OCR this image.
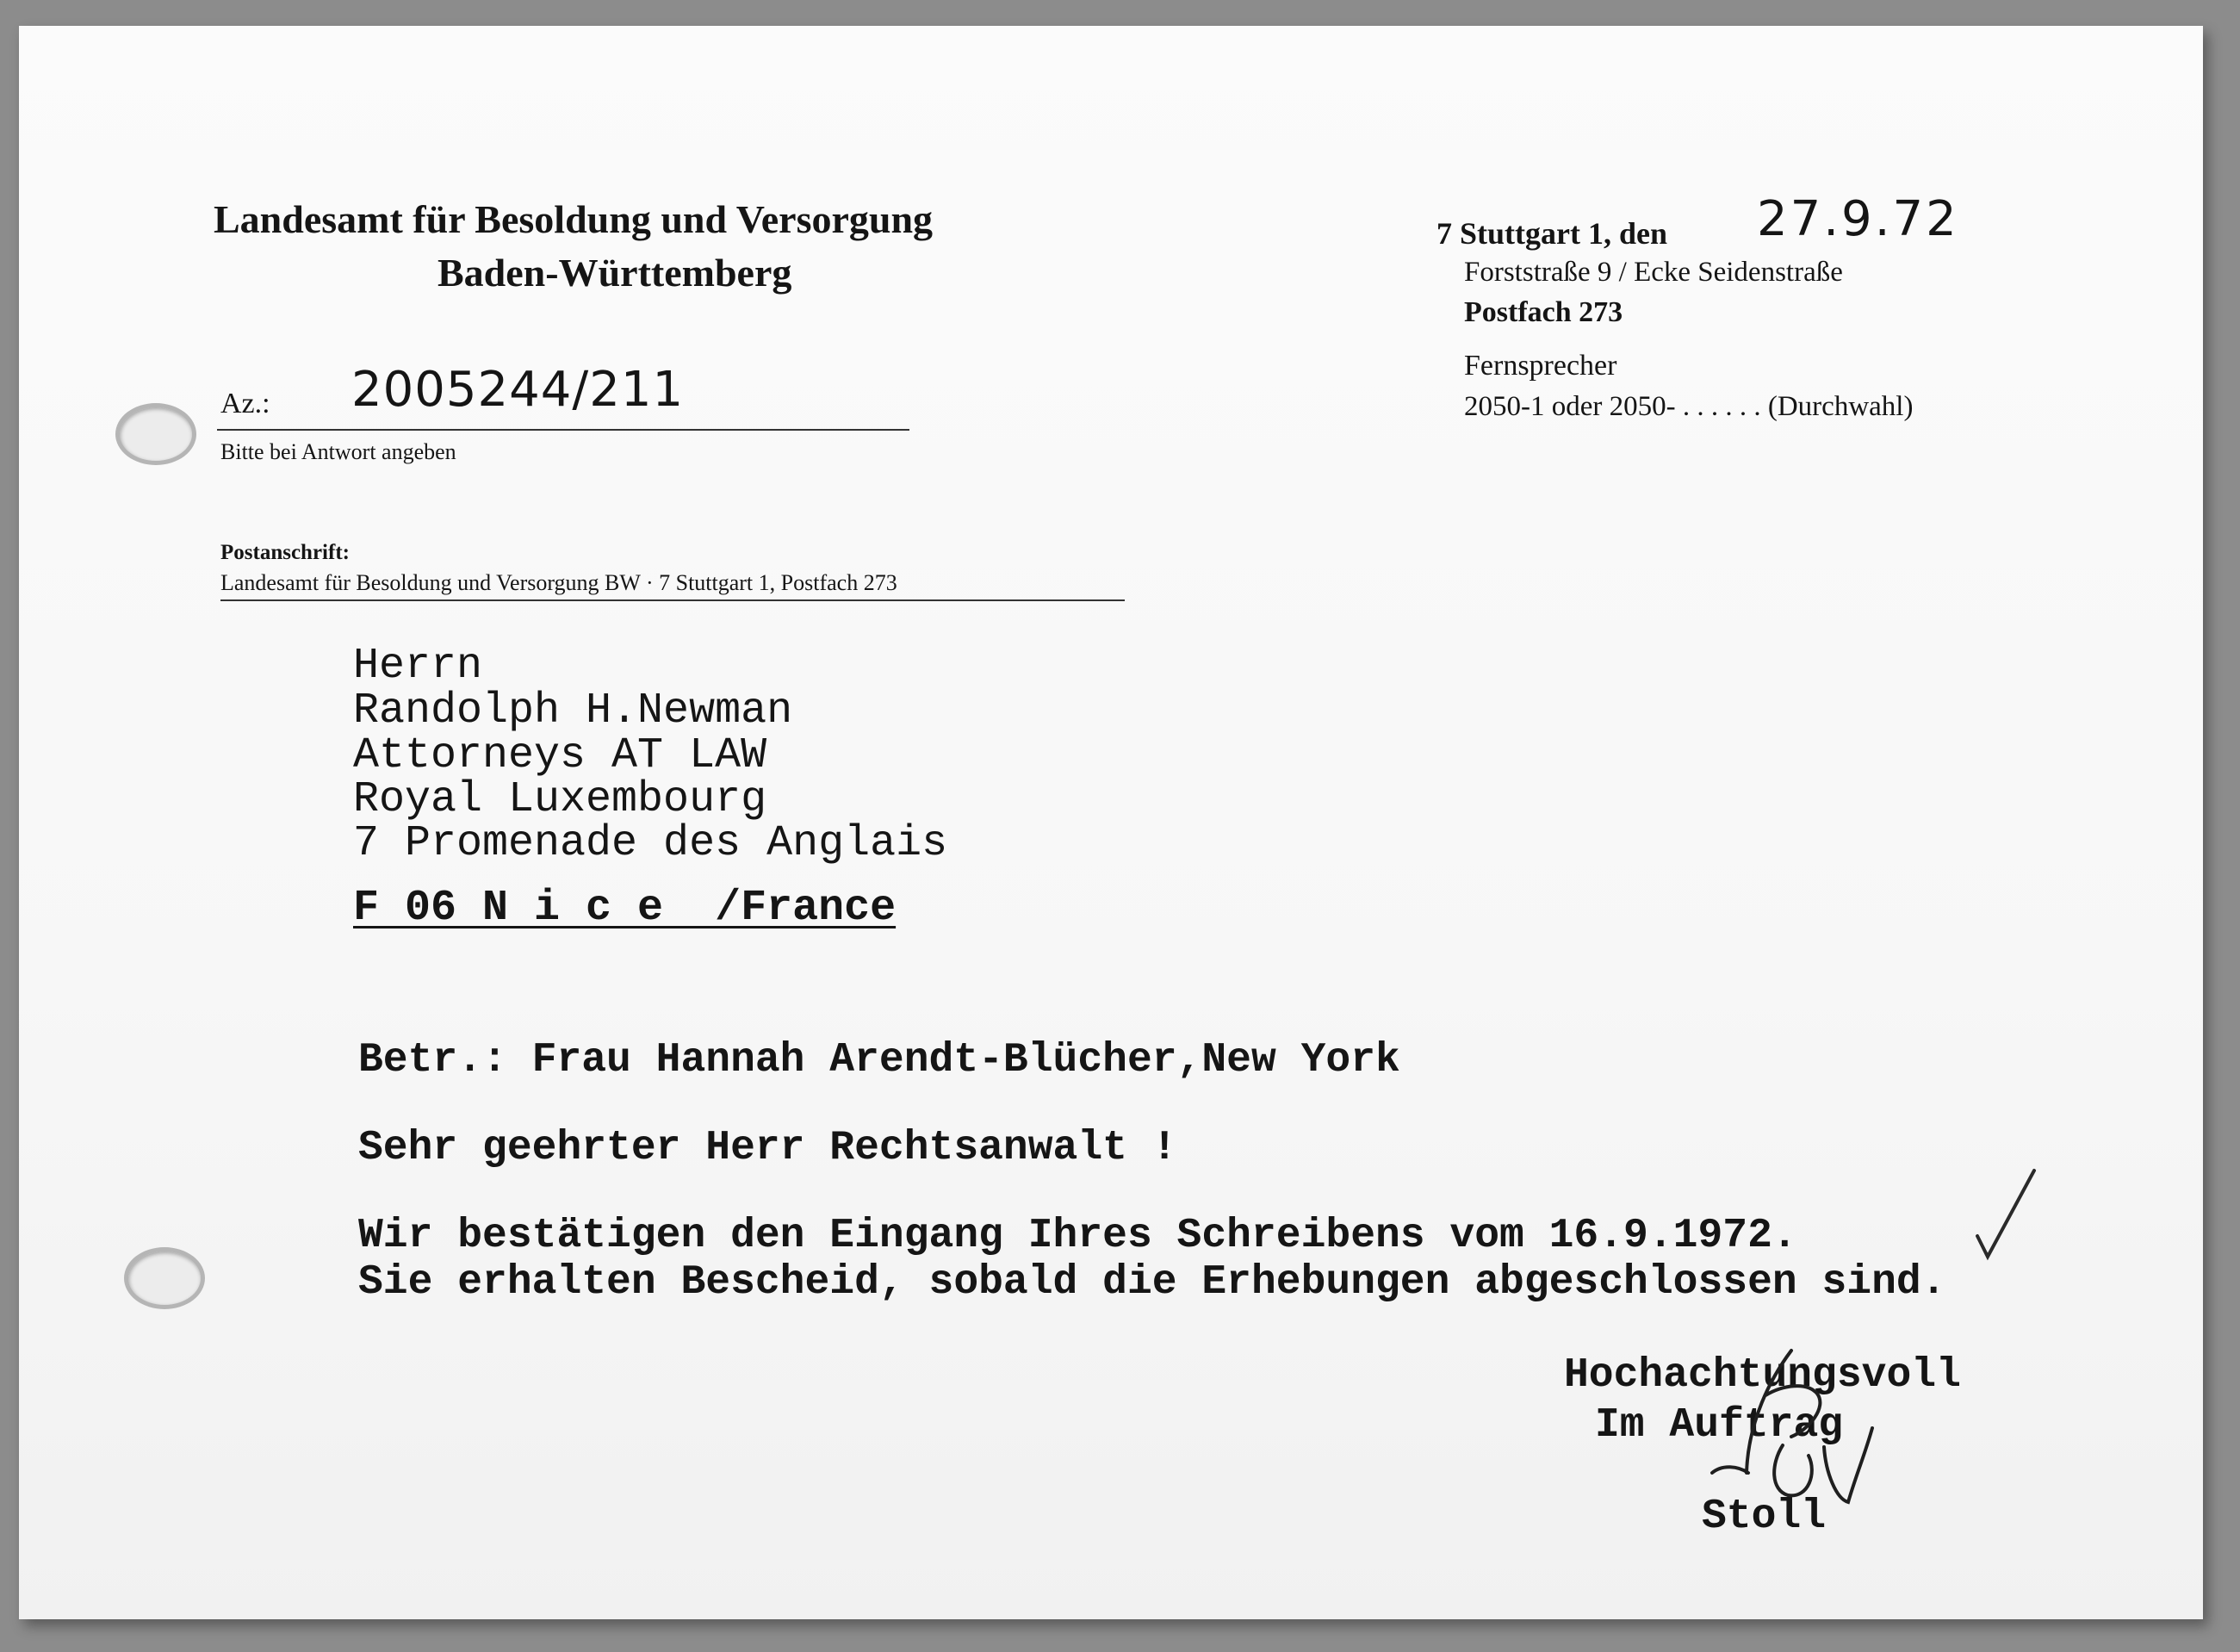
Landesamt für Besoldung und Versorgung
Baden-Württemberg
Az.: 2005244/211
Bitte bei Antwort angeben
Postanschrift:
Landesamt für Besoldung und Versorgung BW · 7 Stuttgart 1, Postfach 273
7 Stuttgart 1, den 27.9.72
Forststraße 9 / Ecke Seidenstraße
Postfach 273
Fernsprecher
2050-1 oder 2050- . . . . . . (Durchwahl)
Herrn
Randolph H.Newman
Attorneys AT LAW
Royal Luxembourg
7 Promenade des Anglais
F 06 N i c e  /France
Betr.: Frau Hannah Arendt-Blücher,New York
Sehr geehrter Herr Rechtsanwalt !
Wir bestätigen den Eingang Ihres Schreibens vom 16.9.1972.
Sie erhalten Bescheid, sobald die Erhebungen abgeschlossen sind.
Hochachtungsvoll
Im Auftrag
Stoll
